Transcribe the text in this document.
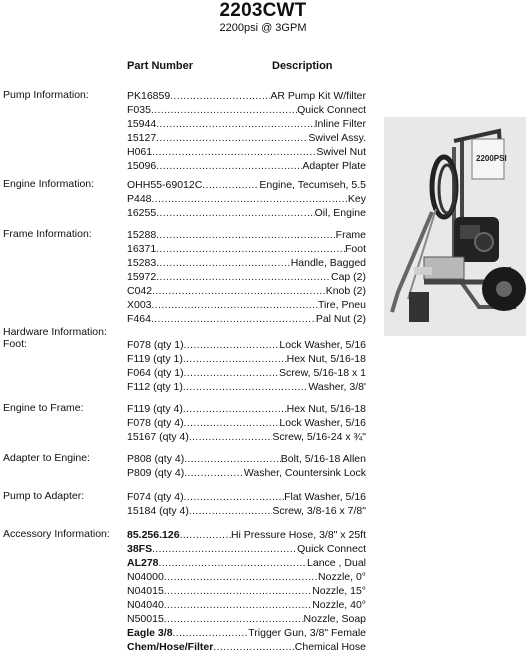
2203CWT
2200psi @ 3GPM
Part Number	Description
Pump Information:	PK16859 .....	AR Pump Kit W/filter
F035 .....	Quick Connect
15944 .....	Inline Filter
15127 .....	Swivel Assy.
H061 .....	Swivel Nut
15096 .....	Adapter Plate
Engine Information:	OHH55-69012C .....	Engine, Tecumseh, 5.5
P448 .....	Key
16255 .....	Oil, Engine
Frame Information:	15288 .....	Frame
16371 .....	Foot
15283 .....	Handle, Bagged
15972 .....	Cap (2)
C042 .....	Knob (2)
X003 .....	Tire, Pneu
F464 .....	Pal Nut (2)
Hardware Information:
Foot:	F078 (qty 1) .....	Lock Washer, 5/16
F119 (qty 1) .....	Hex Nut, 5/16-18
F064 (qty 1) .....	Screw, 5/16-18 x 1
F112 (qty 1) .....	Washer, 3/8'
Engine to Frame:	F119 (qty 4) .....	Hex Nut, 5/16-18
F078 (qty 4) .....	Lock Washer, 5/16
15167 (qty 4) .....	Screw, 5/16-24 x ¾"
Adapter to Engine:	P808 (qty 4) .....	Bolt, 5/16-18 Allen
P809 (qty 4) .....	Washer, Countersink Lock
Pump to Adapter:	F074 (qty 4) .....	Flat Washer, 5/16
15184 (qty 4) .....	Screw, 3/8-16 x 7/8"
Accessory Information: 85.256.126 .....	Hi Pressure Hose, 3/8" x 25ft
38FS .....	Quick Connect
AL278 .....	Lance , Dual
N04000 .....	Nozzle, 0°
N04015 .....	Nozzle, 15°
N04040 .....	Nozzle, 40°
N50015 .....	Nozzle, Soap
Eagle 3/8 .....	Trigger Gun, 3/8" Female
Chem/Hose/Filter .....	Chemical Hose
2200PSI
